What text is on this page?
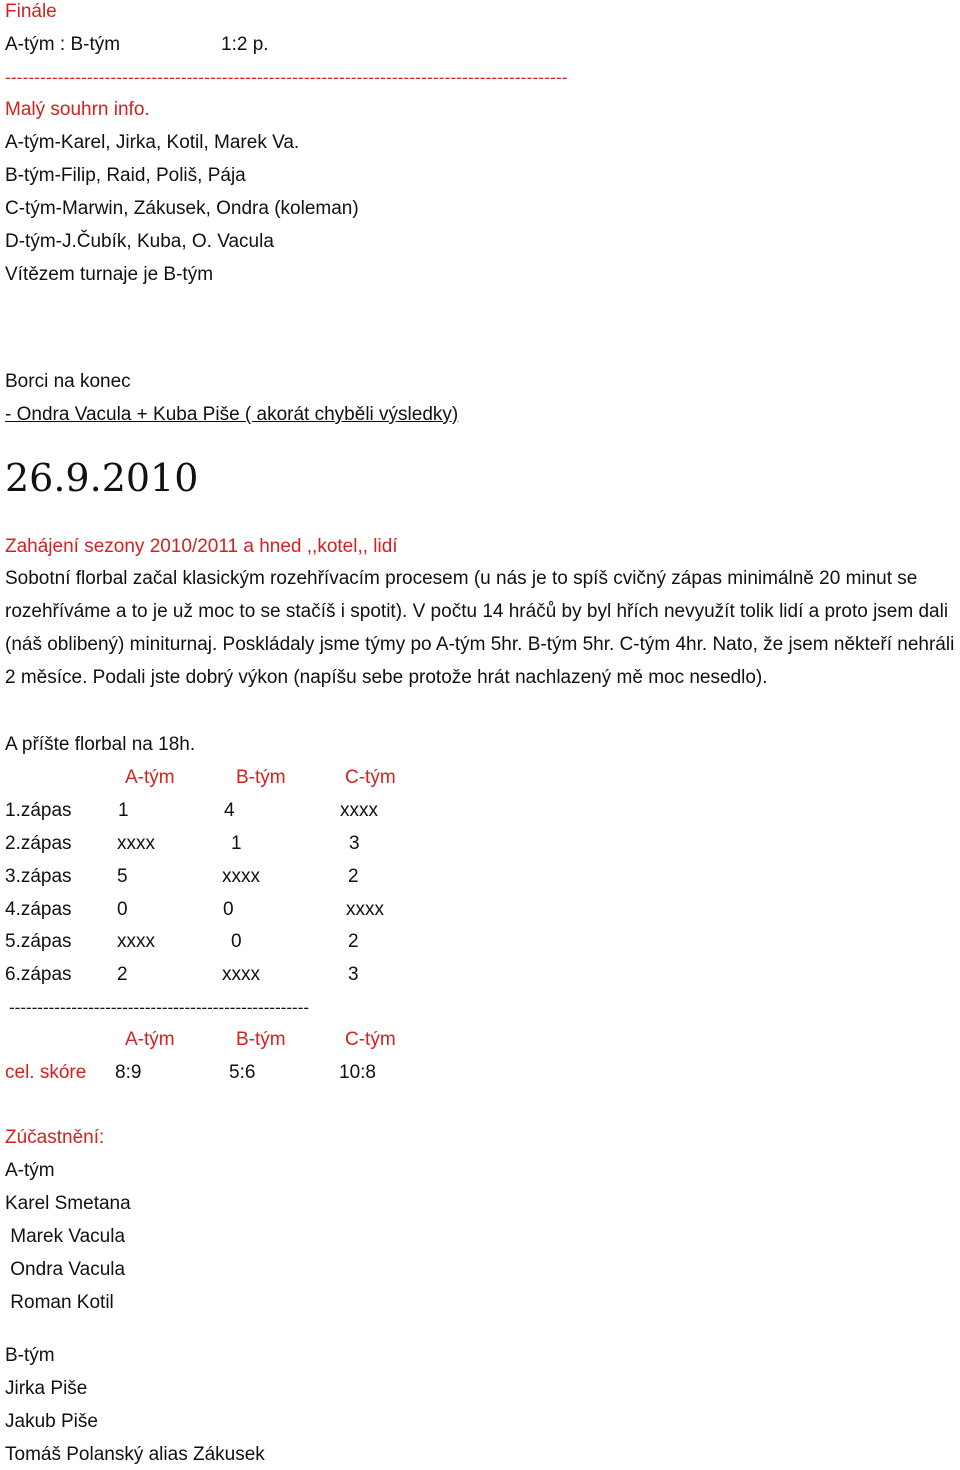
Finále
A-tým : B-tým	1:2 p.
------------------------------------------------------------------------------------------------
Malý souhrn info.
A-tým-Karel, Jirka, Kotil, Marek Va.
B-tým-Filip, Raid, Poliš, Pája
C-tým-Marwin, Zákusek, Ondra (koleman)
D-tým-J.Čubík, Kuba, O. Vacula
Vítězem turnaje je B-tým
Borci na konec
- Ondra Vacula + Kuba Piše ( akorát chyběli výsledky)
26.9.2010
Zahájení sezony 2010/2011 a hned ,,kotel,, lidí
Sobotní florbal začal klasickým rozehřívacím procesem (u nás je to spíš cvičný zápas minimálně 20 minut se rozehříváme a to je už moc to se stačíš i spotit). V počtu 14 hráčů by byl hřích nevyužít tolik lidí a proto jsem dali (náš oblibený) miniturnaj. Poskládaly jsme týmy po A-tým 5hr. B-tým 5hr. C-tým 4hr. Nato, že jsem někteří nehráli 2 měsíce. Podali jste dobrý výkon (napíšu sebe protože hrát nachlazený mě moc nesedlo).
A příšte florbal na 18h.
A-tým	B-tým	C-tým
1.zápas 1	4	xxxx
2.zápas xxxx	1	3
3.zápas 5	xxxx	2
4.zápas 0	0	xxxx
5.zápas xxxx	0	2
6.zápas 2	xxxx	3
-----------------------------------------------------
A-tým	B-tým	C-tým
cel. skóre 8:9	5:6	10:8
Zúčastnění:
A-tým
Karel Smetana
Marek Vacula
Ondra Vacula
Roman Kotil
B-tým
Jirka Piše
Jakub Piše
Tomáš Polanský alias Zákusek
